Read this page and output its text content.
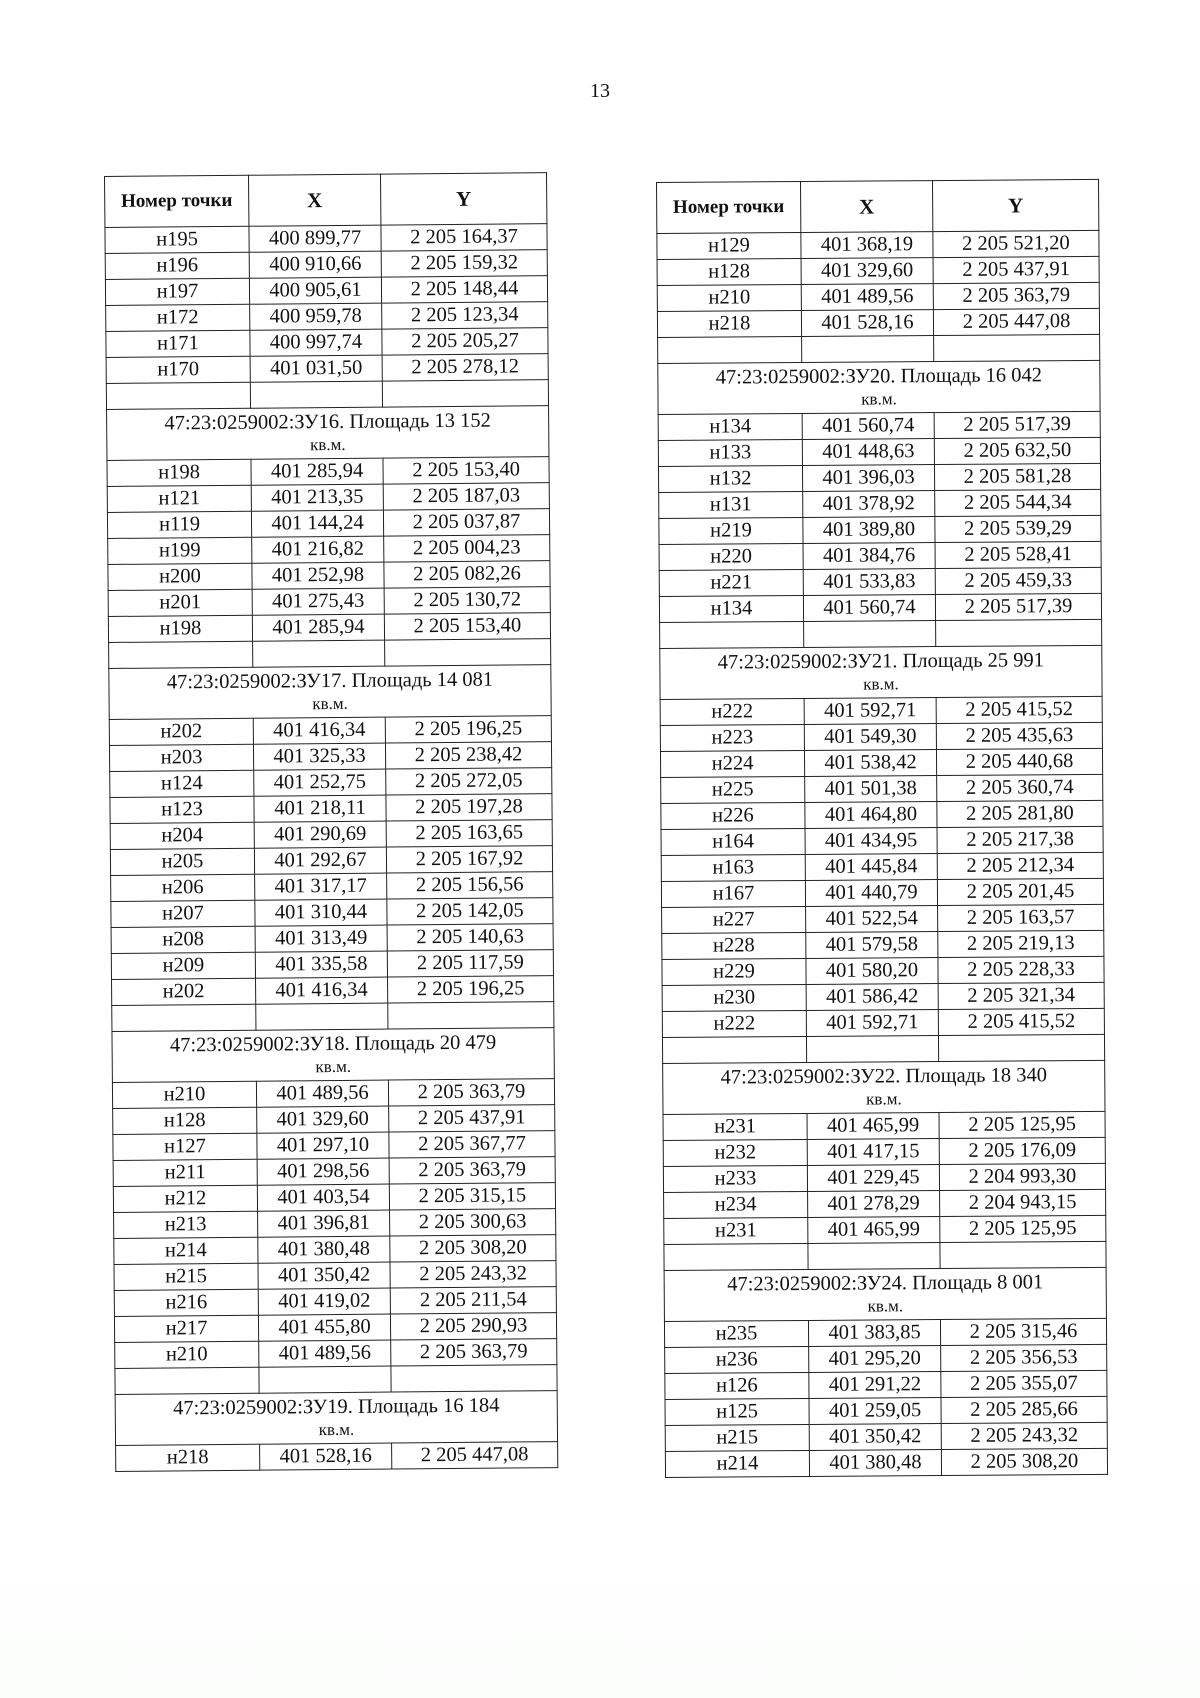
13
Номер точки	X	Y
н195	400 899,77	2 205 164,37
н196	400 910,66	2 205 159,32
н197	400 905,61	2 205 148,44
н172	400 959,78	2 205 123,34
н171	400 997,74	2 205 205,27
н170	401 031,50	2 205 278,12

47:23:0259002:ЗУ16. Площадь 13 152
кв.м.		

н198	401 285,94	2 205 153,40
н121	401 213,35	2 205 187,03
н119	401 144,24	2 205 037,87
н199	401 216,82	2 205 004,23
н200	401 252,98	2 205 082,26
н201	401 275,43	2 205 130,72
н198	401 285,94	2 205 153,40

47:23:0259002:ЗУ17. Площадь 14 081
кв.м.		

н202	401 416,34	2 205 196,25
н203	401 325,33	2 205 238,42
н124	401 252,75	2 205 272,05
н123	401 218,11	2 205 197,28
н204	401 290,69	2 205 163,65
н205	401 292,67	2 205 167,92
н206	401 317,17	2 205 156,56
н207	401 310,44	2 205 142,05
н208	401 313,49	2 205 140,63
н209	401 335,58	2 205 117,59
н202	401 416,34	2 205 196,25

47:23:0259002:ЗУ18. Площадь 20 479
кв.м.		

н210	401 489,56	2 205 363,79
н128	401 329,60	2 205 437,91
н127	401 297,10	2 205 367,77
н211	401 298,56	2 205 363,79
н212	401 403,54	2 205 315,15
н213	401 396,81	2 205 300,63
н214	401 380,48	2 205 308,20
н215	401 350,42	2 205 243,32
н216	401 419,02	2 205 211,54
н217	401 455,80	2 205 290,93
н210	401 489,56	2 205 363,79

47:23:0259002:ЗУ19. Площадь 16 184
кв.м.		

н218	401 528,16	2 205 447,08
Номер точки	X	Y
н129	401 368,19	2 205 521,20
н128	401 329,60	2 205 437,91
н210	401 489,56	2 205 363,79
н218	401 528,16	2 205 447,08

47:23:0259002:ЗУ20. Площадь 16 042
кв.м.		

н134	401 560,74	2 205 517,39
н133	401 448,63	2 205 632,50
н132	401 396,03	2 205 581,28
н131	401 378,92	2 205 544,34
н219	401 389,80	2 205 539,29
н220	401 384,76	2 205 528,41
н221	401 533,83	2 205 459,33
н134	401 560,74	2 205 517,39

47:23:0259002:ЗУ21. Площадь 25 991
кв.м.		

н222	401 592,71	2 205 415,52
н223	401 549,30	2 205 435,63
н224	401 538,42	2 205 440,68
н225	401 501,38	2 205 360,74
н226	401 464,80	2 205 281,80
н164	401 434,95	2 205 217,38
н163	401 445,84	2 205 212,34
н167	401 440,79	2 205 201,45
н227	401 522,54	2 205 163,57
н228	401 579,58	2 205 219,13
н229	401 580,20	2 205 228,33
н230	401 586,42	2 205 321,34
н222	401 592,71	2 205 415,52

47:23:0259002:ЗУ22. Площадь 18 340
кв.м.		

н231	401 465,99	2 205 125,95
н232	401 417,15	2 205 176,09
н233	401 229,45	2 204 993,30
н234	401 278,29	2 204 943,15
н231	401 465,99	2 205 125,95

47:23:0259002:ЗУ24. Площадь 8 001
кв.м.		

н235	401 383,85	2 205 315,46
н236	401 295,20	2 205 356,53
н126	401 291,22	2 205 355,07
н125	401 259,05	2 205 285,66
н215	401 350,42	2 205 243,32
н214	401 380,48	2 205 308,20
